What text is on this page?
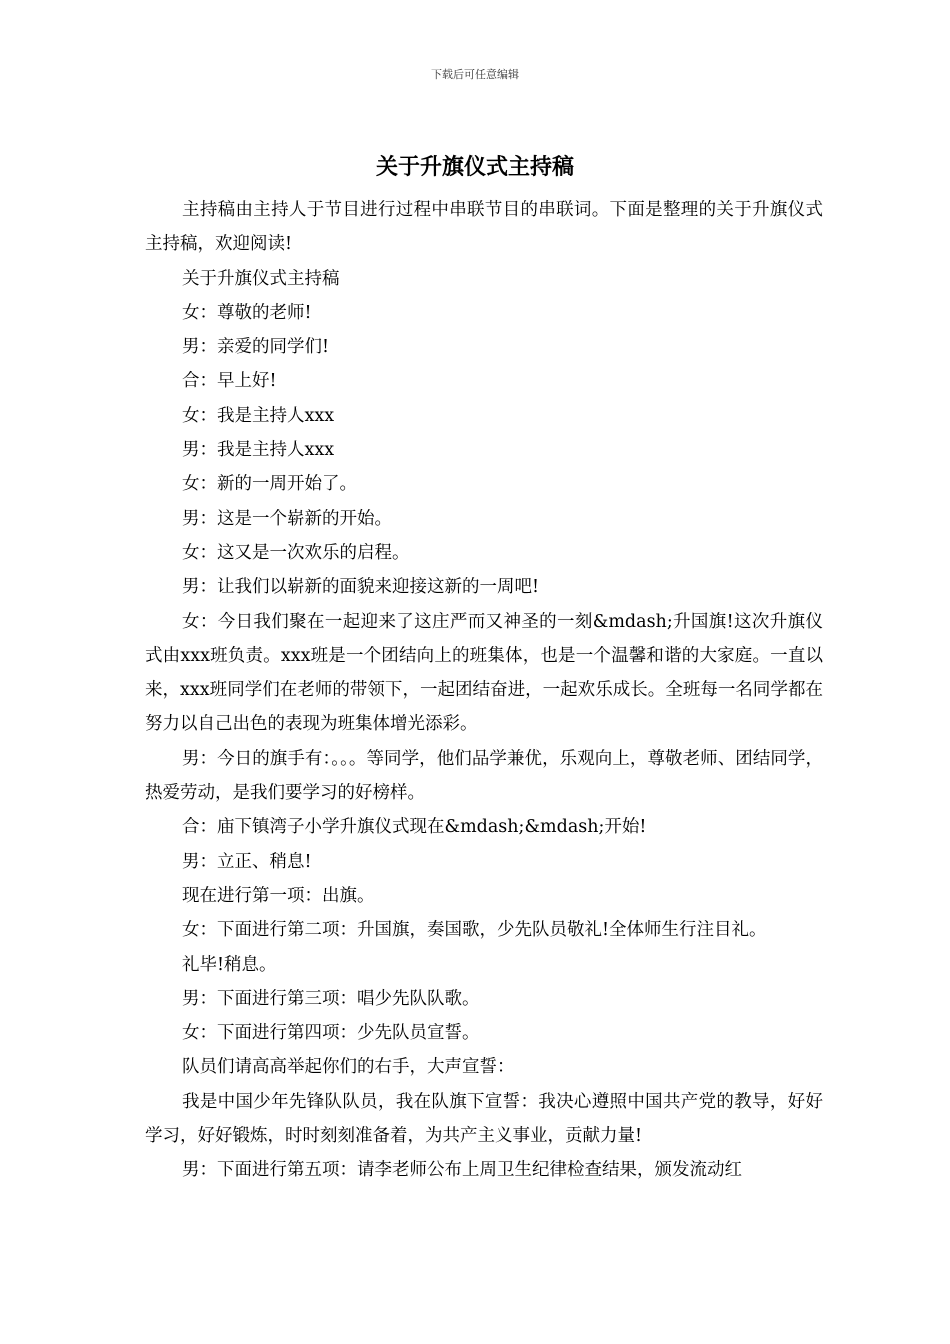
下载后可任意编辑
关于升旗仪式主持稿

主持稿由主持人于节目进行过程中串联节目的串联词。下面是整理的关于升旗仪式主持稿，欢迎阅读!

关于升旗仪式主持稿

女：尊敬的老师!

男：亲爱的同学们!

合：早上好!

女：我是主持人xxx

男：我是主持人xxx

女：新的一周开始了。

男：这是一个崭新的开始。

女：这又是一次欢乐的启程。

男：让我们以崭新的面貌来迎接这新的一周吧!

女：今日我们聚在一起迎来了这庄严而又神圣的一刻&mdash;升国旗!这次升旗仪式由xxx班负责。xxx班是一个团结向上的班集体，也是一个温馨和谐的大家庭。一直以来，xxx班同学们在老师的带领下，一起团结奋进，一起欢乐成长。全班每一名同学都在努力以自己出色的表现为班集体增光添彩。

男：今日的旗手有：。。。等同学，他们品学兼优，乐观向上，尊敬老师、团结同学，热爱劳动，是我们要学习的好榜样。

合：庙下镇湾子小学升旗仪式现在&mdash;&mdash;开始!

男：立正、稍息!

现在进行第一项：出旗。

女：下面进行第二项：升国旗，奏国歌，少先队员敬礼!全体师生行注目礼。

礼毕!稍息。

男：下面进行第三项：唱少先队队歌。

女：下面进行第四项：少先队员宣誓。

队员们请高高举起你们的右手，大声宣誓：

我是中国少年先锋队队员，我在队旗下宣誓：我决心遵照中国共产党的教导，好好学习，好好锻炼，时时刻刻准备着，为共产主义事业，贡献力量!

男：下面进行第五项：请李老师公布上周卫生纪律检查结果，颁发流动红
